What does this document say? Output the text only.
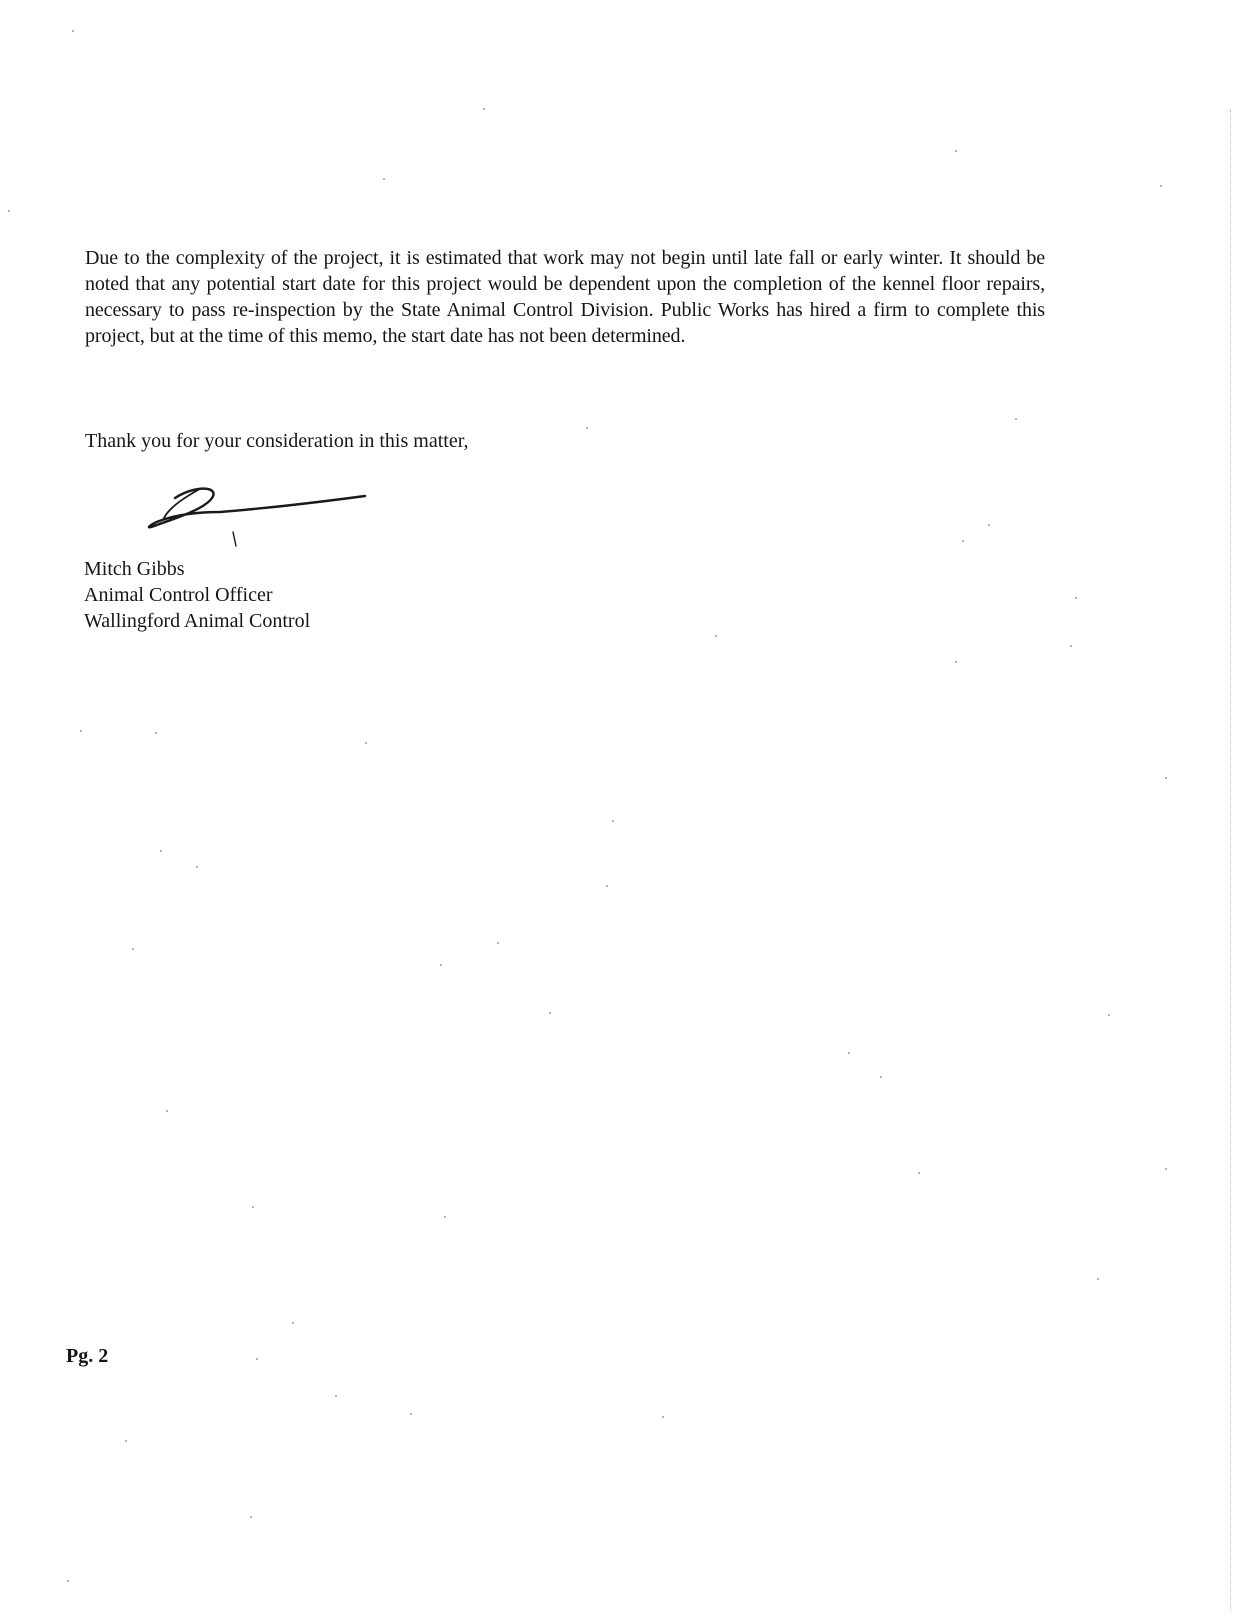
Due to the complexity of the project, it is estimated that work may not begin until late fall or early winter. It should be noted that any potential start date for this project would be dependent upon the completion of the kennel floor repairs, necessary to pass re-inspection by the State Animal Control Division. Public Works has hired a firm to complete this project, but at the time of this memo, the start date has not been determined.

Thank you for your consideration in this matter,

Mitch Gibbs
Animal Control Officer
Wallingford Animal Control
Pg. 2
